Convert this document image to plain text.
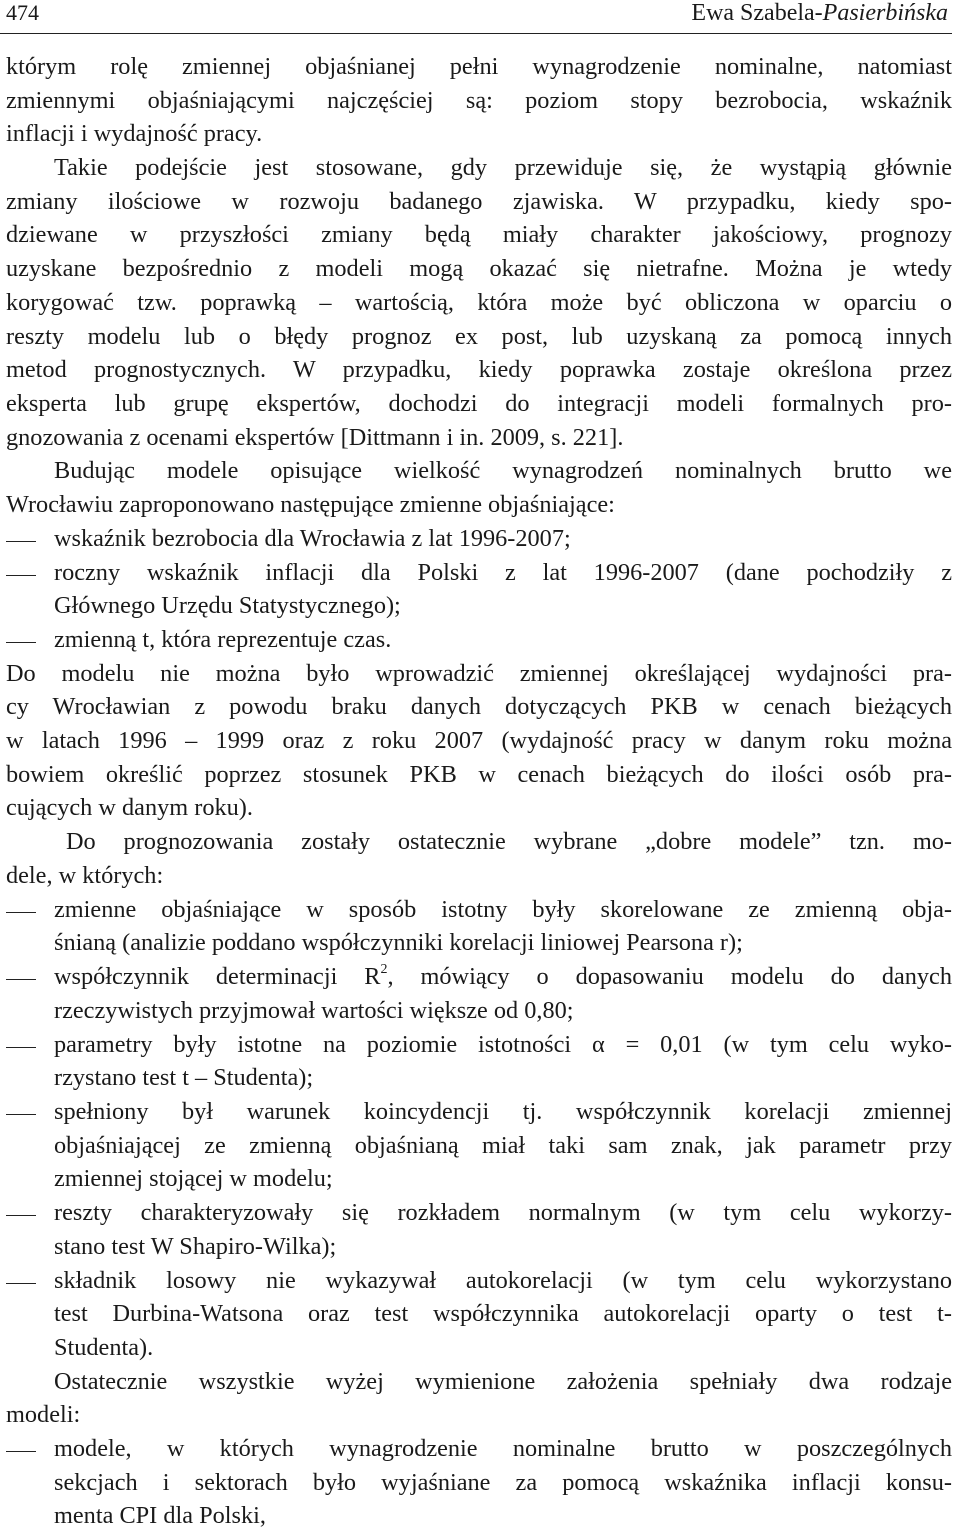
474	Ewa Szabela-Pasierbińska

którym rolę zmiennej objaśnianej pełni wynagrodzenie nominalne, natomiast

zmiennymi objaśniającymi najczęściej są: poziom stopy bezrobocia, wskaźnik

inflacji i wydajność pracy.

Takie podejście jest stosowane, gdy przewiduje się, że wystąpią głównie

zmiany ilościowe w rozwoju badanego zjawiska. W przypadku, kiedy spo-

dziewane w przyszłości zmiany będą miały charakter jakościowy, prognozy

uzyskane bezpośrednio z modeli mogą okazać się nietrafne. Można je wtedy

korygować tzw. poprawką – wartością, która może być obliczona w oparciu o

reszty modelu lub o błędy prognoz ex post, lub uzyskaną za pomocą innych

metod prognostycznych. W przypadku, kiedy poprawka zostaje określona przez

eksperta lub grupę ekspertów, dochodzi do integracji modeli formalnych pro-

gnozowania z ocenami ekspertów [Dittmann i in. 2009, s. 221].

Budując modele opisujące wielkość wynagrodzeń nominalnych brutto we

Wrocławiu zaproponowano następujące zmienne objaśniające:

wskaźnik bezrobocia dla Wrocławia z lat 1996-2007;

roczny wskaźnik inflacji dla Polski z lat 1996-2007 (dane pochodziły z

Głównego Urzędu Statystycznego);

zmienną t, która reprezentuje czas.

Do modelu nie można było wprowadzić zmiennej określającej wydajności pra-

cy Wrocławian z powodu braku danych dotyczących PKB w cenach bieżących

w latach 1996 – 1999 oraz z roku 2007 (wydajność pracy w danym roku można

bowiem określić poprzez stosunek PKB w cenach bieżących do ilości osób pra-

cujących w danym roku).

Do prognozowania zostały ostatecznie wybrane „dobre modele” tzn. mo-

dele, w których:

zmienne objaśniające w sposób istotny były skorelowane ze zmienną obja-

śnianą (analizie poddano współczynniki korelacji liniowej Pearsona r);

współczynnik determinacji $R^2$, mówiący o dopasowaniu modelu do danych

rzeczywistych przyjmował wartości większe od 0,80;

parametry były istotne na poziomie istotności α = 0,01 (w tym celu wyko-

rzystano test t – Studenta);

spełniony był warunek koincydencji tj. współczynnik korelacji zmiennej

objaśniającej ze zmienną objaśnianą miał taki sam znak, jak parametr przy

zmiennej stojącej w modelu;

reszty charakteryzowały się rozkładem normalnym (w tym celu wykorzy-

stano test W Shapiro-Wilka);

składnik losowy nie wykazywał autokorelacji (w tym celu wykorzystano

test Durbina-Watsona oraz test współczynnika autokorelacji oparty o test t-

Studenta).

Ostatecznie wszystkie wyżej wymienione założenia spełniały dwa rodzaje

modeli:

modele, w których wynagrodzenie nominalne brutto w poszczególnych

sekcjach i sektorach było wyjaśniane za pomocą wskaźnika inflacji konsu-

menta CPI dla Polski,
